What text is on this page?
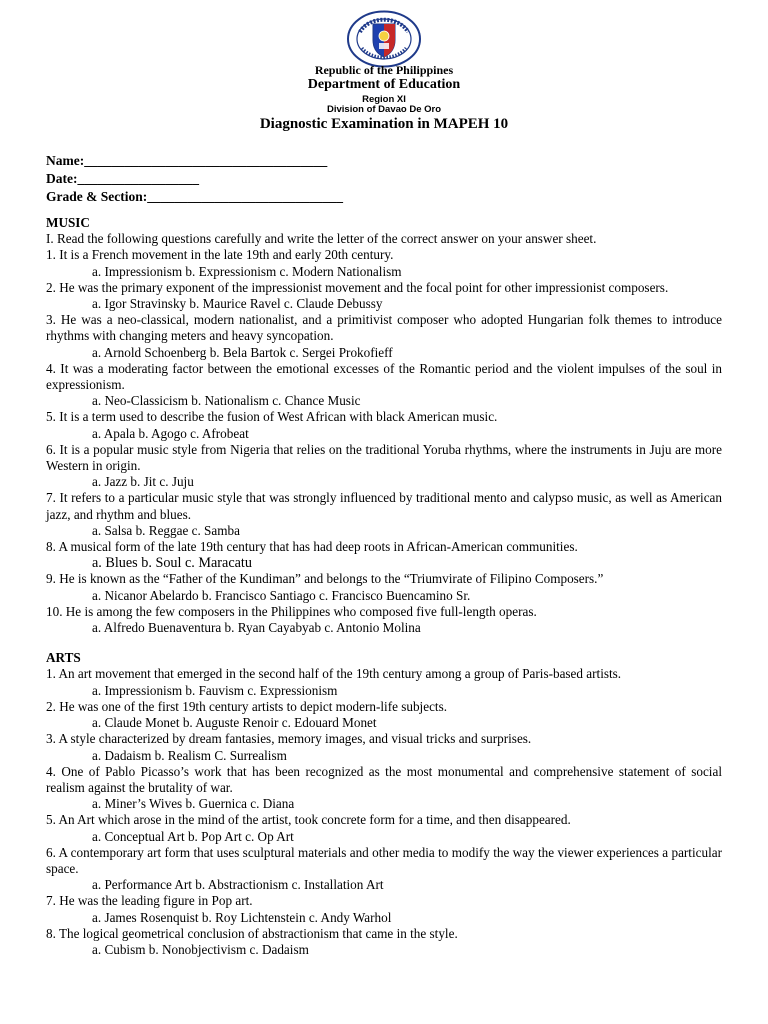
Republic of the Philippines
Department of Education
Region XI
Division of Davao De Oro
Diagnostic Examination in MAPEH 10
Name:____________________________________
Date:__________________
Grade & Section:_____________________________

MUSIC

I. Read the following questions carefully and write the letter of the correct answer on your answer sheet.

1. It is a French movement in the late 19th and early 20th century.

a. Impressionism b. Expressionism c. Modern Nationalism

2. He was the primary exponent of the impressionist movement and the focal point for other impressionist composers.

a. Igor Stravinsky b. Maurice Ravel c. Claude Debussy

3. He was a neo-classical, modern nationalist, and a primitivist composer who adopted Hungarian folk themes to introduce rhythms with changing meters and heavy syncopation.

a. Arnold Schoenberg b. Bela Bartok c. Sergei Prokofieff

4. It was a moderating factor between the emotional excesses of the Romantic period and the violent impulses of the soul in expressionism.

a. Neo-Classicism b. Nationalism c. Chance Music

5. It is a term used to describe the fusion of West African with black American music.

a. Apala b. Agogo c. Afrobeat

6. It is a popular music style from Nigeria that relies on the traditional Yoruba rhythms, where the instruments in Juju are more Western in origin.

a. Jazz b. Jit c. Juju

7. It refers to a particular music style that was strongly influenced by traditional mento and calypso music, as well as American jazz, and rhythm and blues.

a. Salsa b. Reggae c. Samba

8. A musical form of the late 19th century that has had deep roots in African-American communities.

a. Blues b. Soul c. Maracatu

9. He is known as the “Father of the Kundiman” and belongs to the “Triumvirate of Filipino Composers.”

a. Nicanor Abelardo b. Francisco Santiago c. Francisco Buencamino Sr.

10. He is among the few composers in the Philippines who composed five full-length operas.

a. Alfredo Buenaventura b. Ryan Cayabyab c. Antonio Molina

ARTS

1. An art movement that emerged in the second half of the 19th century among a group of Paris-based artists.

a. Impressionism b. Fauvism c. Expressionism

2. He was one of the first 19th century artists to depict modern-life subjects.

a. Claude Monet b. Auguste Renoir c. Edouard Monet

3. A style characterized by dream fantasies, memory images, and visual tricks and surprises.

a. Dadaism b. Realism C. Surrealism

4. One of Pablo Picasso’s work that has been recognized as the most monumental and comprehensive statement of social realism against the brutality of war.

a. Miner’s Wives b. Guernica c. Diana

5. An Art which arose in the mind of the artist, took concrete form for a time, and then disappeared.

a. Conceptual Art b. Pop Art c. Op Art

6. A contemporary art form that uses sculptural materials and other media to modify the way the viewer experiences a particular space.

a. Performance Art b. Abstractionism c. Installation Art

7. He was the leading figure in Pop art.

a. James Rosenquist b. Roy Lichtenstein c. Andy Warhol

8. The logical geometrical conclusion of abstractionism that came in the style.

a. Cubism b. Nonobjectivism c. Dadaism
